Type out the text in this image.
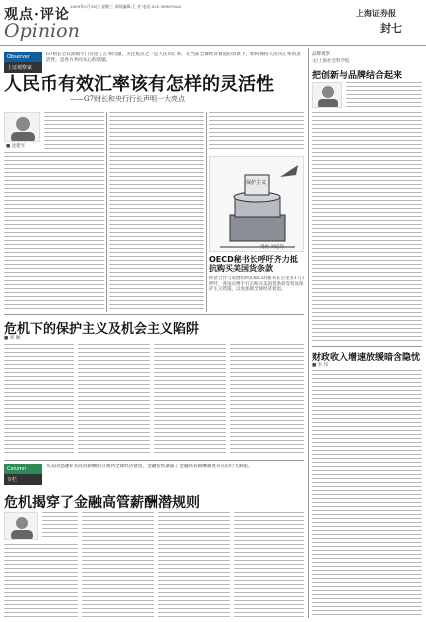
观点·评论
Opinion
2009年2月18日 星期三 本版编辑:王 芳 电话:021-38967626
上海证券报
封七
Observer
上证观察家
G7财长会议期间专门讨论了汇率问题，关注焦点之一是人民币汇率。在当前全球经济衰退的背景下，如何保持人民币汇率的灵活性，是各方共同关心的话题。
人民币有效汇率该有怎样的灵活性
——G7财长和央行行长声明一大亮点
■ 沈建光
保护主义
漫画 刘道伟
OECD秘书长呼吁齐力抵抗购买美国货条款
经济合作与发展组织(OECD)秘书长古里亚17日呼吁，各国应携手打击购买美国货条款等贸易保护主义措施，以免加剧全球经济衰退。
危机下的保护主义及机会主义陷阱
■ 刘 琳
Column
专栏
从美国金融业者高管薪酬的丑闻到全球经济衰退，金融危机暴露了金融高管薪酬制度存在的巨大缺陷。
危机揭穿了金融高管薪酬潜规则
品牌观察
文/上海社会科学院
把创新与品牌结合起来
财政收入增速放缓暗含隐忧
■ 李 伟
